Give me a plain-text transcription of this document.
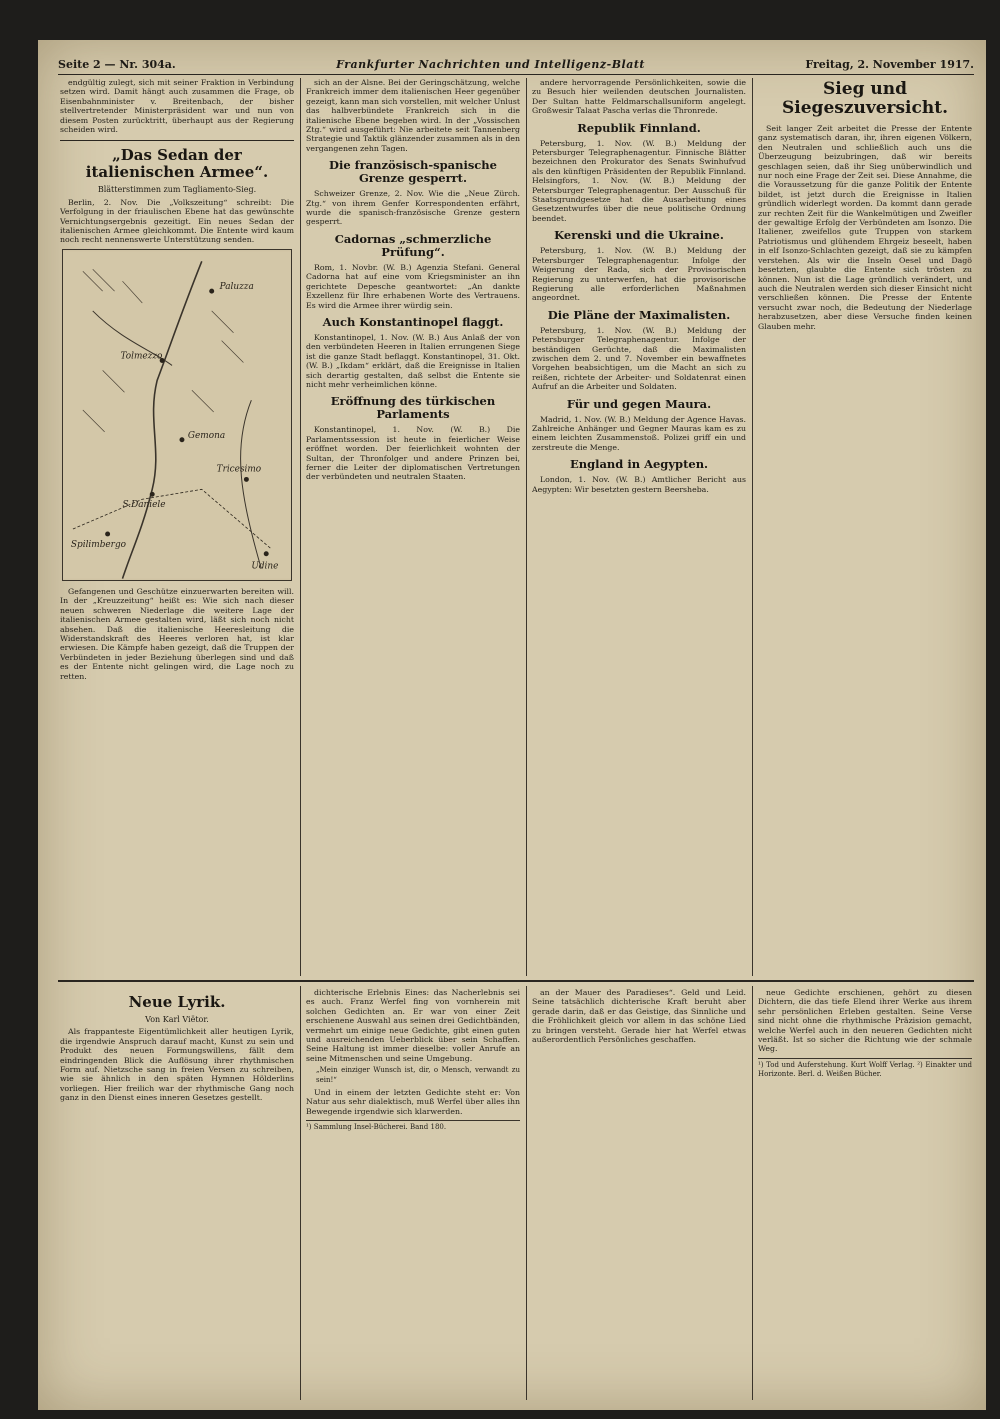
Seite 2 — Nr. 304a.	Frankfurter Nachrichten und Intelligenz-Blatt	Freitag, 2. November 1917.

endgültig zulegt, sich mit seiner Fraktion in Verbindung setzen wird. Damit hängt auch zusammen die Frage, ob Eisenbahnminister v. Breitenbach, der bisher stellvertretender Ministerpräsident war und nun von diesem Posten zurücktritt, überhaupt aus der Regierung scheiden wird.

„Das Sedan der italienischen Armee“.
Blätterstimmen zum Tagliamento-Sieg.

Berlin, 2. Nov. Die „Volkszeitung“ schreibt: Die Verfolgung in der friaulischen Ebene hat das gewünschte Vernichtungsergebnis gezeitigt. Ein neues Sedan der italienischen Armee gleichkommt. Die Entente wird kaum noch recht nennenswerte Unterstützung senden.

Paluzza
Tolmezzo
Gemona
Tricesimo
S.Daniele
Spilimbergo
Udine

Gefangenen und Geschütze einzuerwarten bereiten will. In der „Kreuzzeitung“ heißt es: Wie sich nach dieser neuen schweren Niederlage die weitere Lage der italienischen Armee gestalten wird, läßt sich noch nicht absehen. Daß die italienische Heeresleitung die Widerstandskraft des Heeres verloren hat, ist klar erwiesen. Die Kämpfe haben gezeigt, daß die Truppen der Verbündeten in jeder Beziehung überlegen sind und daß es der Entente nicht gelingen wird, die Lage noch zu retten.

sich an der Alsne. Bei der Geringschätzung, welche Frankreich immer dem italienischen Heer gegenüber gezeigt, kann man sich vorstellen, mit welcher Unlust das halbverbündete Frankreich sich in die italienische Ebene begeben wird. In der „Vossischen Ztg.“ wird ausgeführt: Nie arbeitete seit Tannenberg Strategie und Taktik glänzender zusammen als in den vergangenen zehn Tagen.

Die französisch-spanische Grenze gesperrt.

Schweizer Grenze, 2. Nov. Wie die „Neue Zürch. Ztg.“ von ihrem Genfer Korrespondenten erfährt, wurde die spanisch-französische Grenze gestern gesperrt.

Cadornas „schmerzliche Prüfung“.

Rom, 1. Novbr. (W. B.) Agenzia Stefani. General Cadorna hat auf eine vom Kriegsminister an ihn gerichtete Depesche geantwortet: „An dankte Exzellenz für Ihre erhabenen Worte des Vertrauens. Es wird die Armee ihrer würdig sein.

Auch Konstantinopel flaggt.

Konstantinopel, 1. Nov. (W. B.) Aus Anlaß der von den verbündeten Heeren in Italien errungenen Siege ist die ganze Stadt beflaggt. Konstantinopel, 31. Okt. (W. B.) „Ikdam“ erklärt, daß die Ereignisse in Italien sich derartig gestalten, daß selbst die Entente sie nicht mehr verheimlichen könne.

Eröffnung des türkischen Parlaments

Konstantinopel, 1. Nov. (W. B.) Die Parlamentssession ist heute in feierlicher Weise eröffnet worden. Der feierlichkeit wohnten der Sultan, der Thronfolger und andere Prinzen bei, ferner die Leiter der diplomatischen Vertretungen der verbündeten und neutralen Staaten.

andere hervorragende Persönlichkeiten, sowie die zu Besuch hier weilenden deutschen Journalisten. Der Sultan hatte Feldmarschallsuniform angelegt. Großwesir Talaat Pascha verlas die Thronrede.

Republik Finnland.

Petersburg, 1. Nov. (W. B.) Meldung der Petersburger Telegraphenagentur. Finnische Blätter bezeichnen den Prokurator des Senats Swinhufvud als den künftigen Präsidenten der Republik Finnland. Helsingfors, 1. Nov. (W. B.) Meldung der Petersburger Telegraphenagentur. Der Ausschuß für Staatsgrundgesetze hat die Ausarbeitung eines Gesetzentwurfes über die neue politische Ordnung beendet.

Kerenski und die Ukraine.

Petersburg, 1. Nov. (W. B.) Meldung der Petersburger Telegraphenagentur. Infolge der Weigerung der Rada, sich der Provisorischen Regierung zu unterwerfen, hat die provisorische Regierung alle erforderlichen Maßnahmen angeordnet.

Die Pläne der Maximalisten.

Petersburg, 1. Nov. (W. B.) Meldung der Petersburger Telegraphenagentur. Infolge der beständigen Gerüchte, daß die Maximalisten zwischen dem 2. und 7. November ein bewaffnetes Vorgehen beabsichtigen, um die Macht an sich zu reißen, richtete der Arbeiter- und Soldatenrat einen Aufruf an die Arbeiter und Soldaten.

Für und gegen Maura.

Madrid, 1. Nov. (W. B.) Meldung der Agence Havas. Zahlreiche Anhänger und Gegner Mauras kam es zu einem leichten Zusammenstoß. Polizei griff ein und zerstreute die Menge.

England in Aegypten.

London, 1. Nov. (W. B.) Amtlicher Bericht aus Aegypten: Wir besetzten gestern Beersheba.

Sieg und Siegeszuversicht.

Seit langer Zeit arbeitet die Presse der Entente ganz systematisch daran, ihr, ihren eigenen Völkern, den Neutralen und schließlich auch uns die Überzeugung beizubringen, daß wir bereits geschlagen seien, daß ihr Sieg unüberwindlich und nur noch eine Frage der Zeit sei. Diese Annahme, die die Voraussetzung für die ganze Politik der Entente bildet, ist jetzt durch die Ereignisse in Italien gründlich widerlegt worden. Da kommt dann gerade zur rechten Zeit für die Wankelmütigen und Zweifler der gewaltige Erfolg der Verbündeten am Isonzo. Die Italiener, zweifellos gute Truppen von starkem Patriotismus und glühendem Ehrgeiz beseelt, haben in elf Isonzo-Schlachten gezeigt, daß sie zu kämpfen verstehen. Als wir die Inseln Oesel und Dagö besetzten, glaubte die Entente sich trösten zu können. Nun ist die Lage gründlich verändert, und auch die Neutralen werden sich dieser Einsicht nicht verschließen können. Die Presse der Entente versucht zwar noch, die Bedeutung der Niederlage herabzusetzen, aber diese Versuche finden keinen Glauben mehr.

Neue Lyrik.
Von Karl Viëtor.

Als frappanteste Eigentümlichkeit aller heutigen Lyrik, die irgendwie Anspruch darauf macht, Kunst zu sein und Produkt des neuen Formungswillens, fällt dem eindringenden Blick die Auflösung ihrer rhythmischen Form auf. Nietzsche sang in freien Versen zu schreiben, wie sie ähnlich in den späten Hymnen Hölderlins vorliegen. Hier freilich war der rhythmische Gang noch ganz in den Dienst eines inneren Gesetzes gestellt.

dichterische Erlebnis Eines: das Nacherlebnis sei es auch. Franz Werfel fing von vornherein mit solchen Gedichten an. Er war von einer Zeit erschienene Auswahl aus seinen drei Gedichtbänden, vermehrt um einige neue Gedichte, gibt einen guten und ausreichenden Ueberblick über sein Schaffen. Seine Haltung ist immer dieselbe: voller Anrufe an seine Mitmenschen und seine Umgebung.

„Mein einziger Wunsch ist, dir, o Mensch, verwandt zu sein!“

Und in einem der letzten Gedichte steht er: Von Natur aus sehr dialektisch, muß Werfel über alles ihn Bewegende irgendwie sich klarwerden.

¹) Sammlung Insel-Bücherei. Band 180.

an der Mauer des Paradieses“. Geld und Leid. Seine tatsächlich dichterische Kraft beruht aber gerade darin, daß er das Geistige, das Sinnliche und die Fröhlichkeit gleich vor allem in das schöne Lied zu bringen versteht. Gerade hier hat Werfel etwas außerordentlich Persönliches geschaffen.

neue Gedichte erschienen, gehört zu diesen Dichtern, die das tiefe Elend ihrer Werke aus ihrem sehr persönlichen Erleben gestalten. Seine Verse sind nicht ohne die rhythmische Präzision gemacht, welche Werfel auch in den neueren Gedichten nicht verläßt. Ist so sicher die Richtung wie der schmale Weg.

¹) Tod und Auferstehung. Kurt Wolff Verlag. ²) Einakter und Horizonte. Berl. d. Weißen Bücher.
